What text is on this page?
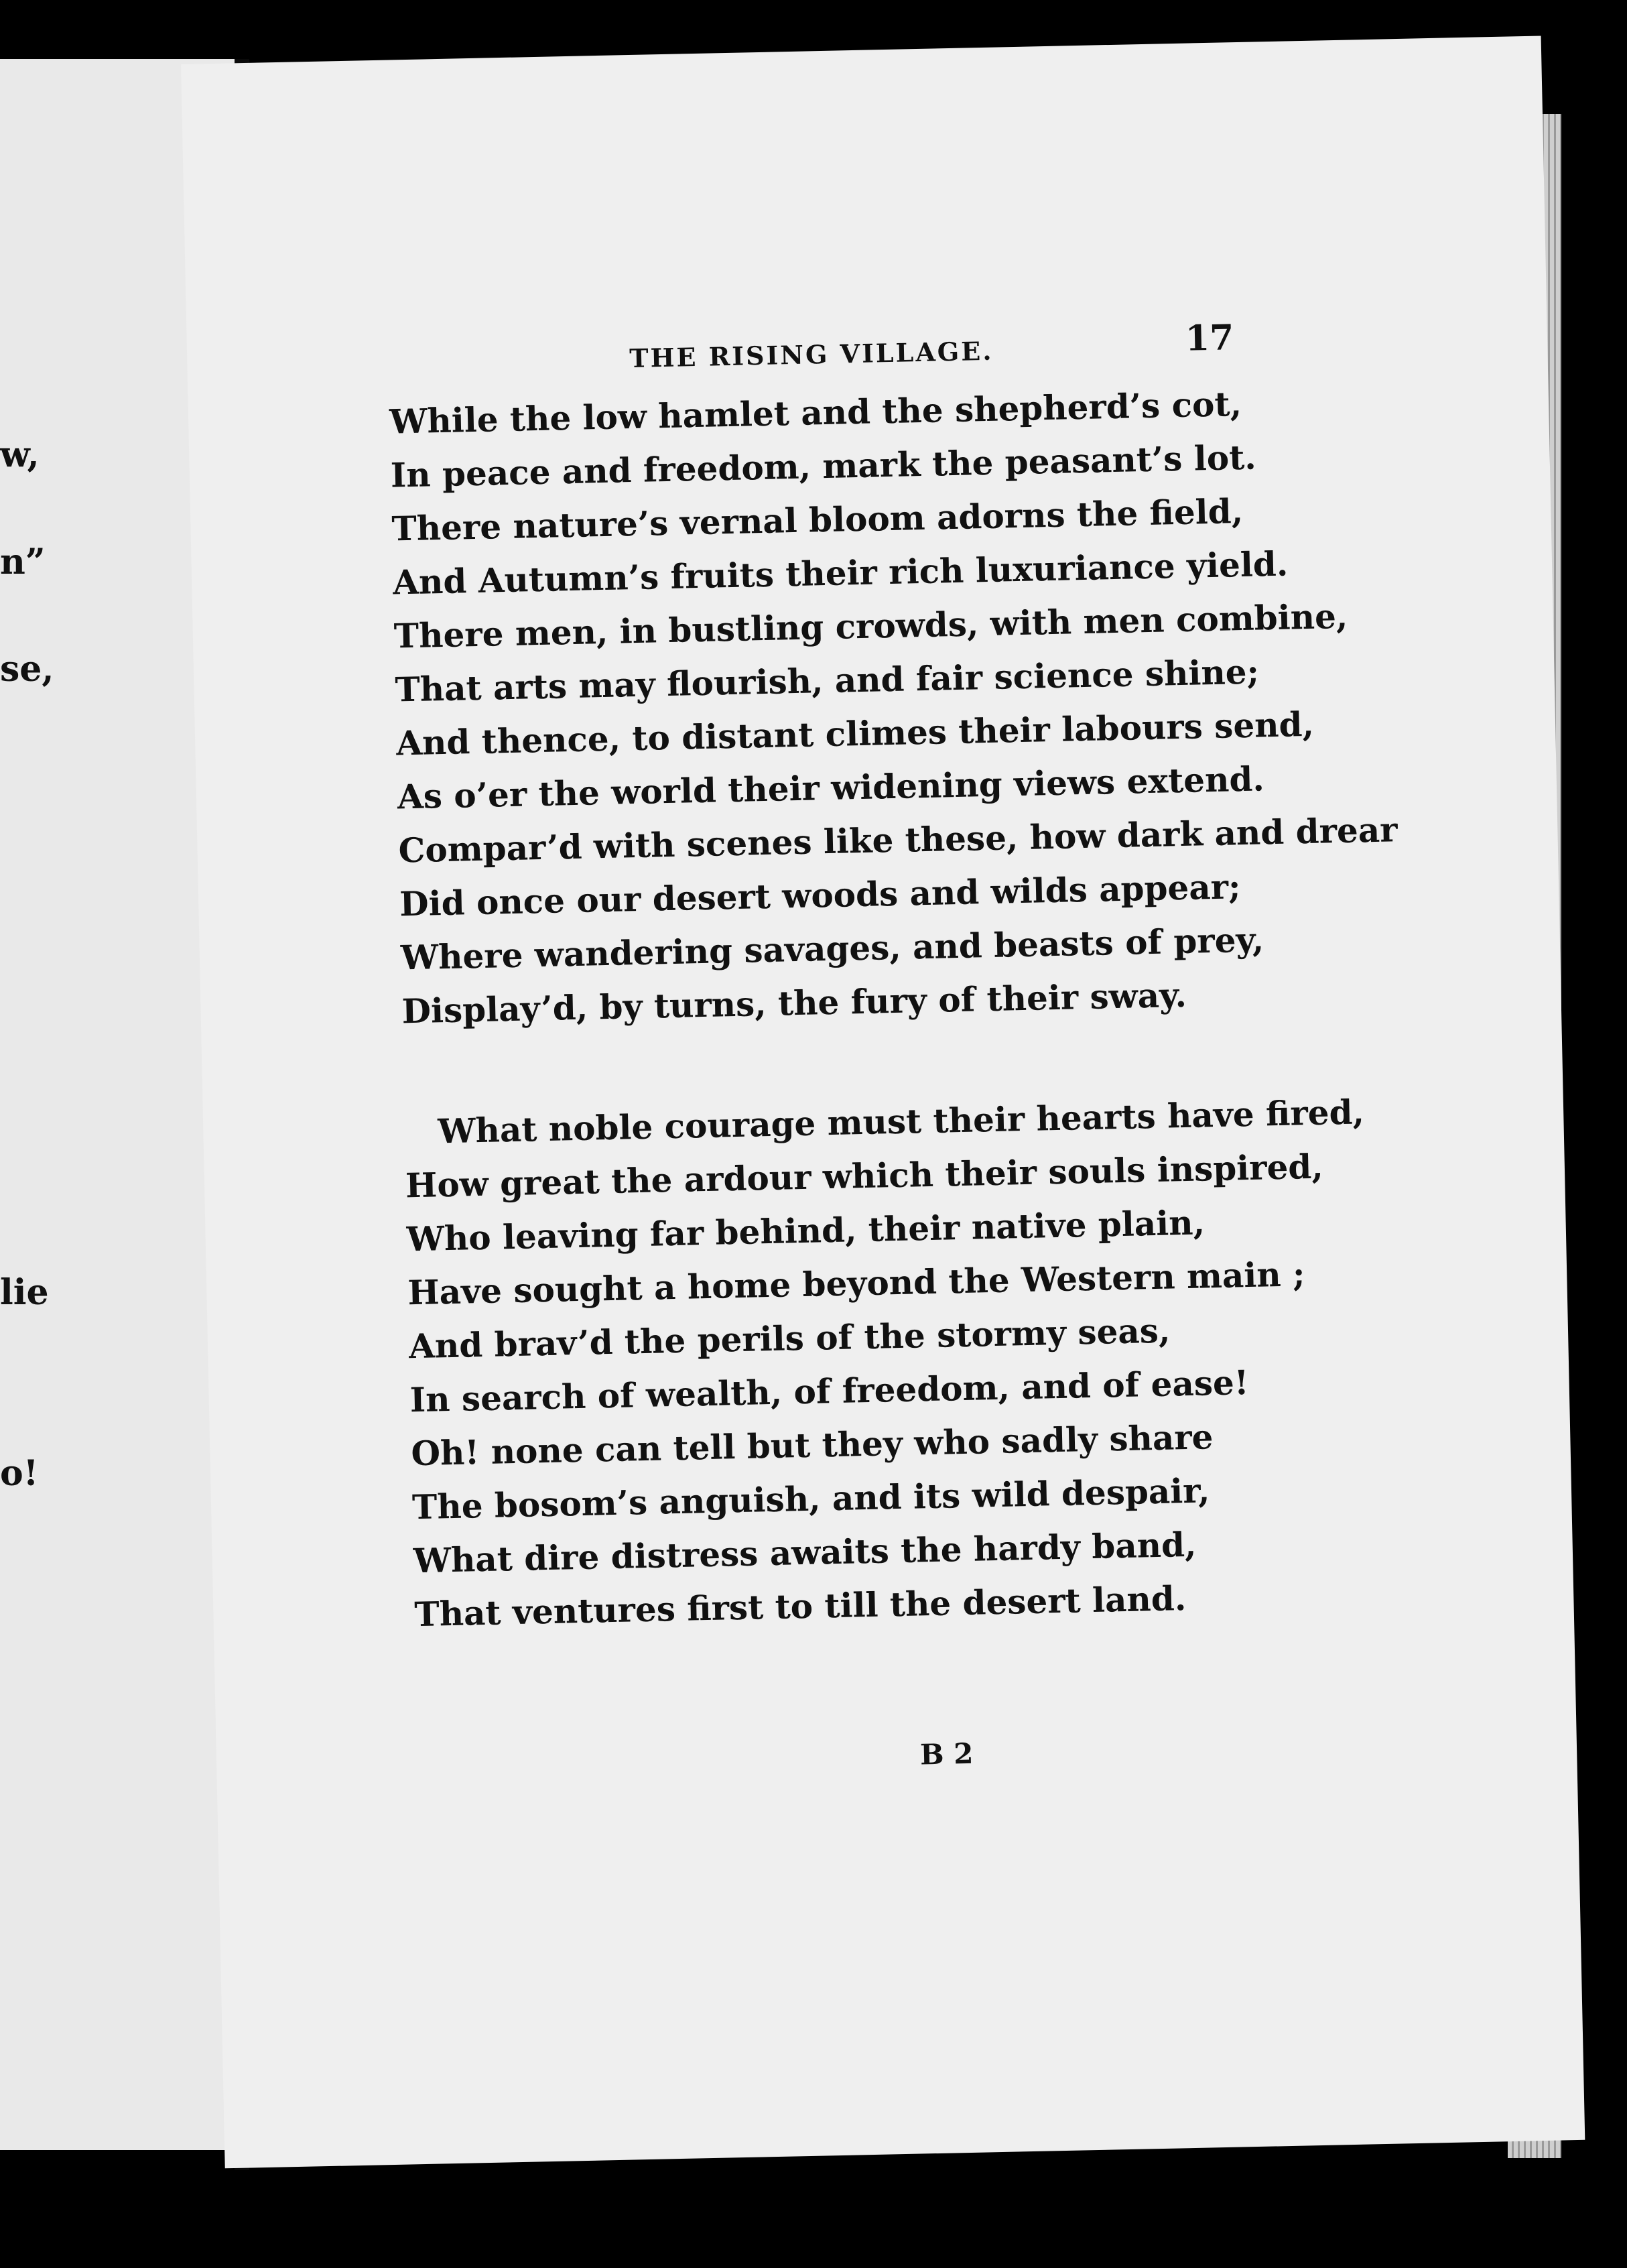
w,
n”
se,
lie
o!
THE RISING VILLAGE.	17
While the low hamlet and the shepherd’s cot,
In peace and freedom, mark the peasant’s lot.
There nature’s vernal bloom adorns the field,
And Autumn’s fruits their rich luxuriance yield.
There men, in bustling crowds, with men combine,
That arts may flourish, and fair science shine;
And thence, to distant climes their labours send,
As o’er the world their widening views extend.
Compar’d with scenes like these, how dark and drear
Did once our desert woods and wilds appear;
Where wandering savages, and beasts of prey,
Display’d, by turns, the fury of their sway.
What noble courage must their hearts have fired,
How great the ardour which their souls inspired,
Who leaving far behind, their native plain,
Have sought a home beyond the Western main ;
And brav’d the perils of the stormy seas,
In search of wealth, of freedom, and of ease!
Oh! none can tell but they who sadly share
The bosom’s anguish, and its wild despair,
What dire distress awaits the hardy band,
That ventures first to till the desert land.
B 2
